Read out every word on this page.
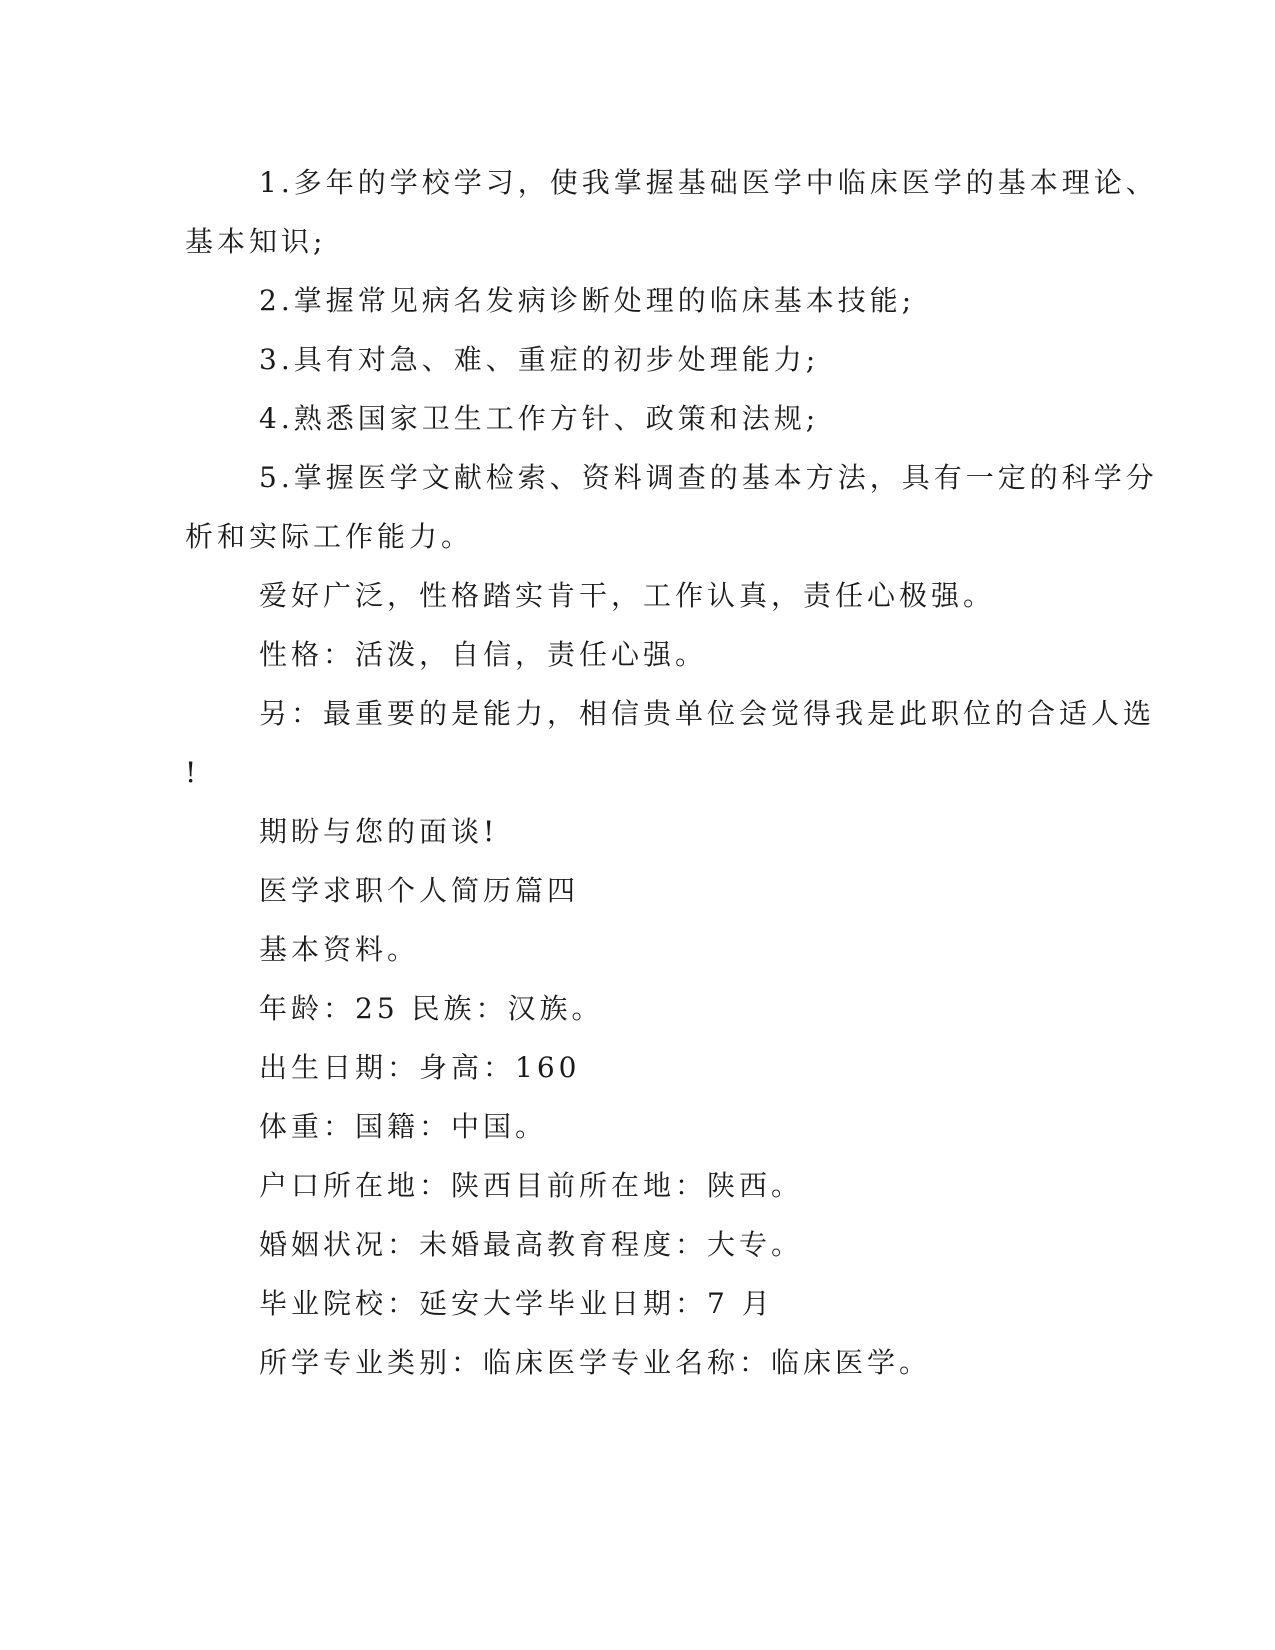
1.多年的学校学习，使我掌握基础医学中临床医学的基本理论、
基本知识;
2.掌握常见病名发病诊断处理的临床基本技能;
3.具有对急、难、重症的初步处理能力;
4.熟悉国家卫生工作方针、政策和法规;
5.掌握医学文献检索、资料调查的基本方法，具有一定的科学分
析和实际工作能力。
爱好广泛，性格踏实肯干，工作认真，责任心极强。
性格：活泼，自信，责任心强。
另：最重要的是能力，相信贵单位会觉得我是此职位的合适人选
!
期盼与您的面谈!
医学求职个人简历篇四
基本资料。
年龄：25 民族：汉族。
出生日期：身高：160
体重：国籍：中国。
户口所在地：陕西目前所在地：陕西。
婚姻状况：未婚最高教育程度：大专。
毕业院校：延安大学毕业日期：7 月
所学专业类别：临床医学专业名称：临床医学。
